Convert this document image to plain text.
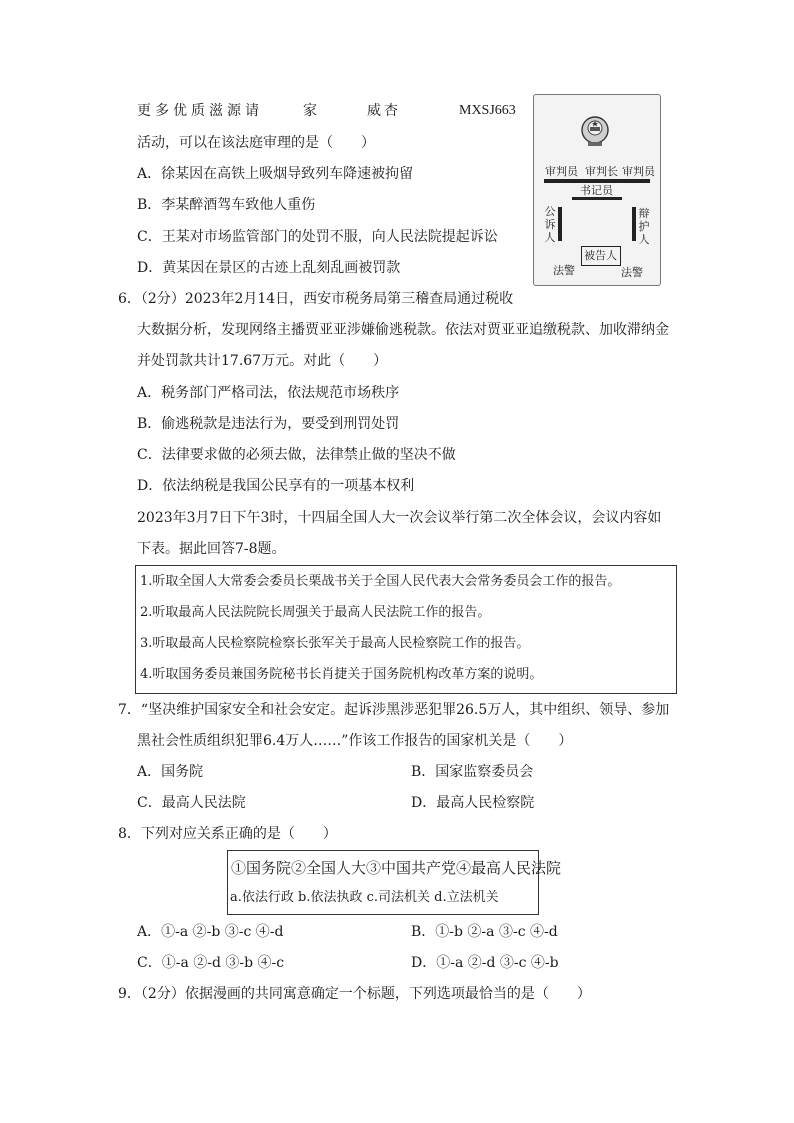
更多优质滋源请	家	威杏	MXSJ663
活动，可以在该法庭审理的是（　　）
A．徐某因在高铁上吸烟导致列车降速被拘留
B．李某醉酒驾车致他人重伤
C．王某对市场监管部门的处罚不服，向人民法院提起诉讼
D．黄某因在景区的古迹上乱刻乱画被罚款
审判员 审判长 审判员
书记员
公诉人
辩护人
被告人
法警	法警
6．（2分）2023年2月14日，西安市税务局第三稽查局通过税收
大数据分析，发现网络主播贾亚亚涉嫌偷逃税款。依法对贾亚亚追缴税款、加收滞纳金
并处罚款共计17.67万元。对此（　　）
A．税务部门严格司法，依法规范市场秩序
B．偷逃税款是违法行为，要受到刑罚处罚
C．法律要求做的必须去做，法律禁止做的坚决不做
D．依法纳税是我国公民享有的一项基本权利
2023年3月7日下午3时，十四届全国人大一次会议举行第二次全体会议，会议内容如
下表。据此回答7-8题。
1.听取全国人大常委会委员长栗战书关于全国人民代表大会常务委员会工作的报告。
2.听取最高人民法院院长周强关于最高人民法院工作的报告。
3.听取最高人民检察院检察长张军关于最高人民检察院工作的报告。
4.听取国务委员兼国务院秘书长肖捷关于国务院机构改革方案的说明。
7．“坚决维护国家安全和社会安定。起诉涉黑涉恶犯罪26.5万人，其中组织、领导、参加
黑社会性质组织犯罪6.4万人……”作该工作报告的国家机关是（　　）
A．国务院	B．国家监察委员会
C．最高人民法院	D．最高人民检察院
8．下列对应关系正确的是（　　）
①国务院②全国人大③中国共产党④最高人民法院
a.依法行政 b.依法执政 c.司法机关 d.立法机关
A．①-a ②-b ③-c ④-d	B．①-b ②-a ③-c ④-d
C．①-a ②-d ③-b ④-c	D．①-a ②-d ③-c ④-b
9．（2分）依据漫画的共同寓意确定一个标题，下列选项最恰当的是（　　）
